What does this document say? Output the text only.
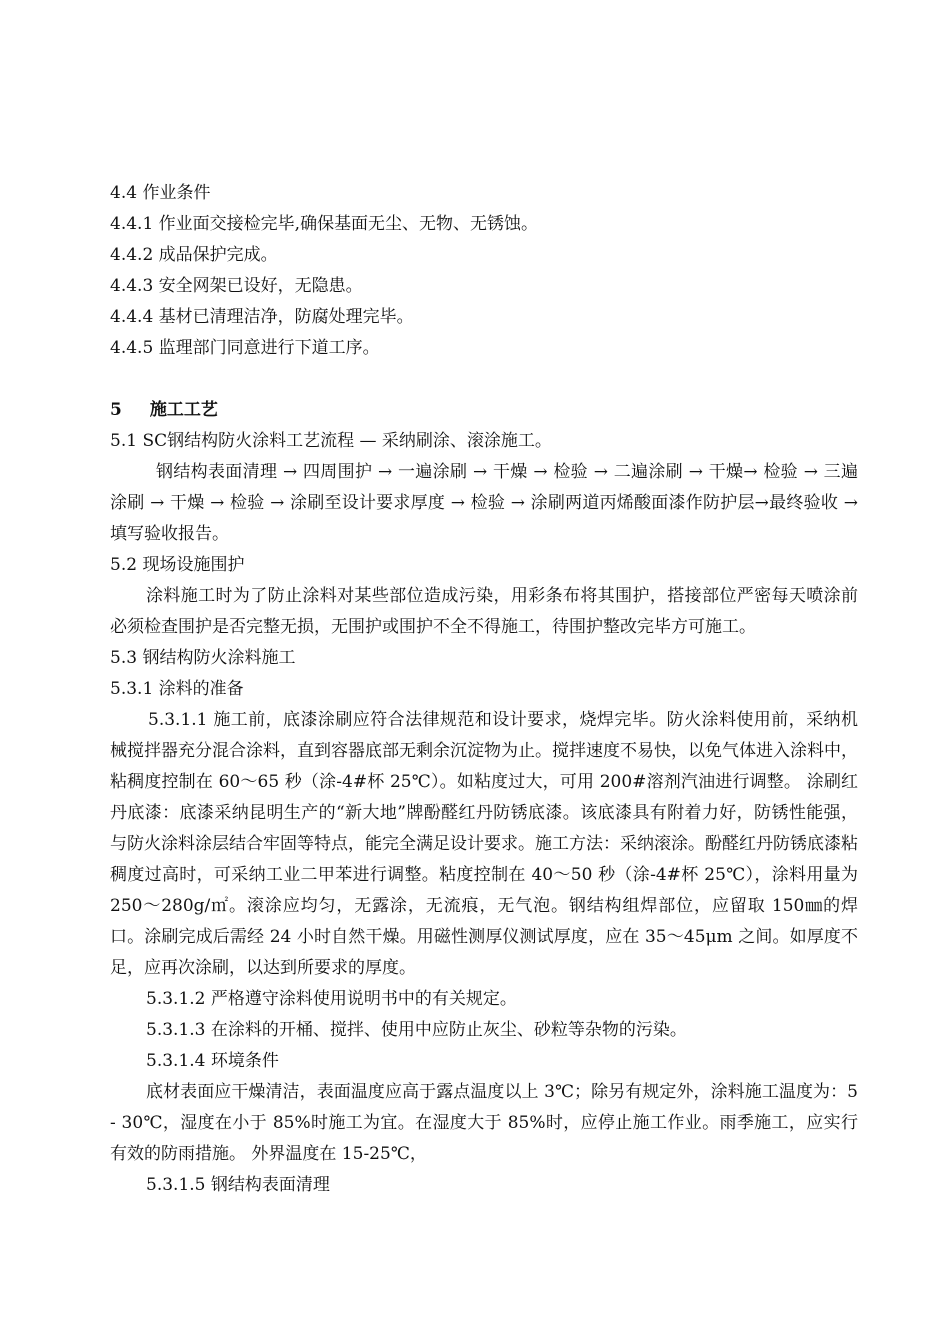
4.4 作业条件
4.4.1 作业面交接检完毕,确保基面无尘、无物、无锈蚀。
4.4.2 成品保护完成。
4.4.3 安全网架已设好，无隐患。
4.4.4 基材已清理洁净，防腐处理完毕。
4.4.5 监理部门同意进行下道工序。
5 施工工艺
5.1 SC钢结构防火涂料工艺流程 — 采纳刷涂、滚涂施工。
钢结构表面清理 → 四周围护 → 一遍涂刷 → 干燥 → 检验 → 二遍涂刷 → 干燥→ 检验 → 三遍涂刷 → 干燥 → 检验 → 涂刷至设计要求厚度 → 检验 → 涂刷两道丙烯酸面漆作防护层→最终验收 → 填写验收报告。
5.2 现场设施围护
涂料施工时为了防止涂料对某些部位造成污染，用彩条布将其围护，搭接部位严密每天喷涂前必须检查围护是否完整无损，无围护或围护不全不得施工，待围护整改完毕方可施工。
5.3 钢结构防火涂料施工
5.3.1 涂料的准备
5.3.1.1 施工前，底漆涂刷应符合法律规范和设计要求，烧焊完毕。防火涂料使用前，采纳机械搅拌器充分混合涂料，直到容器底部无剩余沉淀物为止。搅拌速度不易快，以免气体进入涂料中，粘稠度控制在 60～65 秒（涂-4#杯 25℃）。如粘度过大，可用 200#溶剂汽油进行调整。 涂刷红丹底漆：底漆采纳昆明生产的“新大地”牌酚醛红丹防锈底漆。该底漆具有附着力好，防锈性能强，与防火涂料涂层结合牢固等特点，能完全满足设计要求。施工方法：采纳滚涂。酚醛红丹防锈底漆粘稠度过高时，可采纳工业二甲苯进行调整。粘度控制在 40～50 秒（涂-4#杯 25℃），涂料用量为 250～280g/㎡。滚涂应均匀，无露涂，无流痕，无气泡。钢结构组焊部位，应留取 150㎜的焊口。涂刷完成后需经 24 小时自然干燥。用磁性测厚仪测试厚度，应在 35～45μm 之间。如厚度不足，应再次涂刷，以达到所要求的厚度。
5.3.1.2 严格遵守涂料使用说明书中的有关规定。
5.3.1.3 在涂料的开桶、搅拌、使用中应防止灰尘、砂粒等杂物的污染。
5.3.1.4 环境条件
底材表面应干燥清洁，表面温度应高于露点温度以上 3℃；除另有规定外，涂料施工温度为：5 - 30℃，湿度在小于 85%时施工为宜。在湿度大于 85%时，应停止施工作业。雨季施工，应实行有效的防雨措施。 外界温度在 15-25℃，
5.3.1.5 钢结构表面清理
